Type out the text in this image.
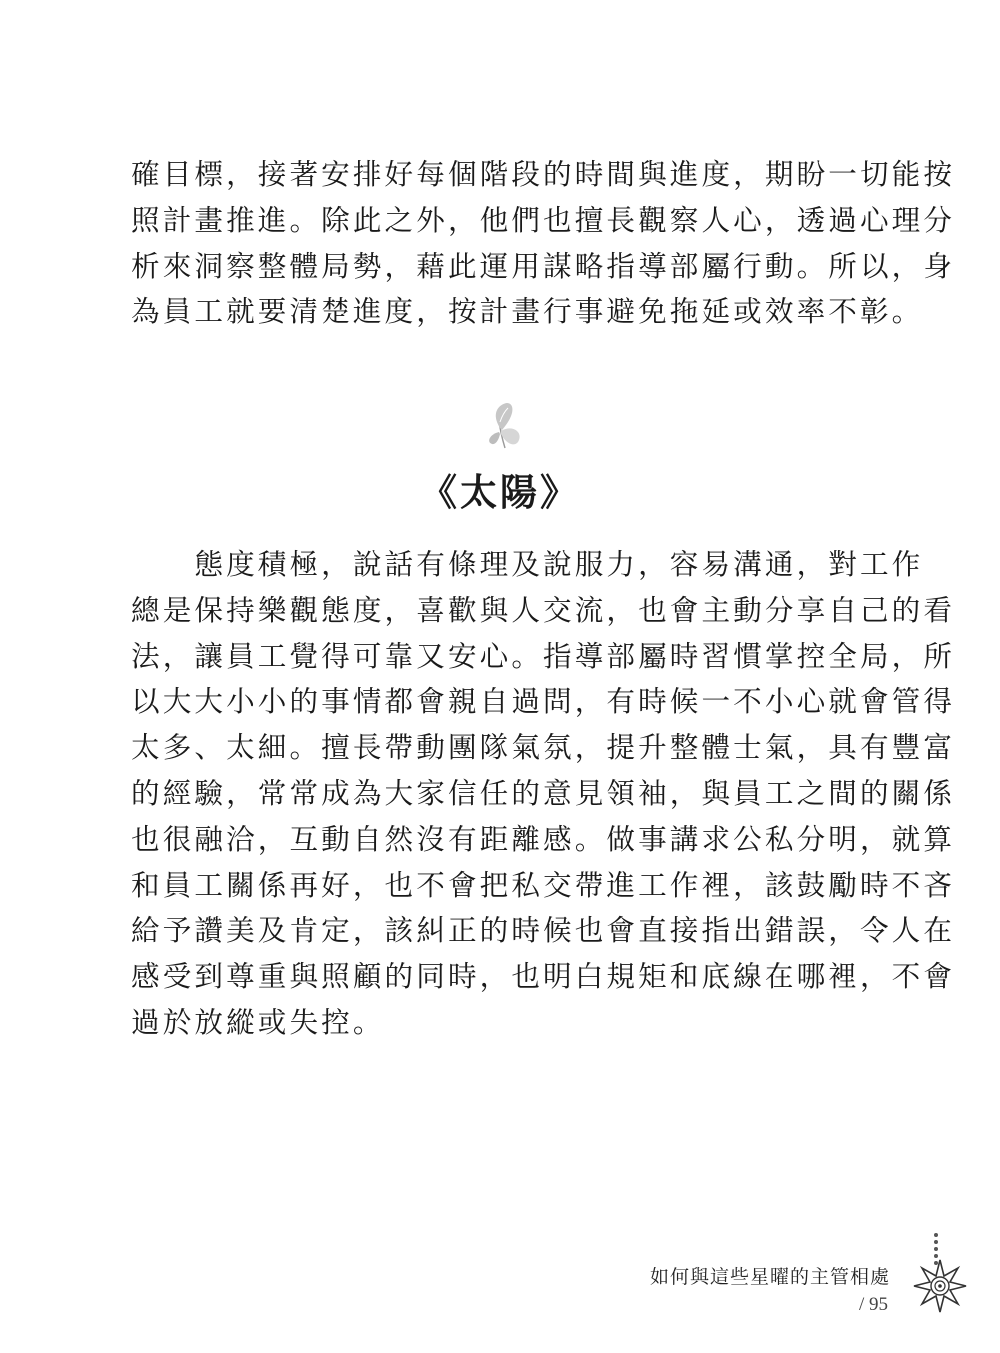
確目標，接著安排好每個階段的時間與進度，期盼一切能按
照計畫推進。除此之外，他們也擅長觀察人心，透過心理分
析來洞察整體局勢，藉此運用謀略指導部屬行動。所以，身
為員工就要清楚進度，按計畫行事避免拖延或效率不彰。
《太陽》
　　態度積極，說話有條理及說服力，容易溝通，對工作
總是保持樂觀態度，喜歡與人交流，也會主動分享自己的看
法，讓員工覺得可靠又安心。指導部屬時習慣掌控全局，所
以大大小小的事情都會親自過問，有時候一不小心就會管得
太多、太細。擅長帶動團隊氣氛，提升整體士氣，具有豐富
的經驗，常常成為大家信任的意見領袖，與員工之間的關係
也很融洽，互動自然沒有距離感。做事講求公私分明，就算
和員工關係再好，也不會把私交帶進工作裡，該鼓勵時不吝
給予讚美及肯定，該糾正的時候也會直接指出錯誤，令人在
感受到尊重與照顧的同時，也明白規矩和底線在哪裡，不會
過於放縱或失控。
如何與這些星曜的主管相處
/ 95
